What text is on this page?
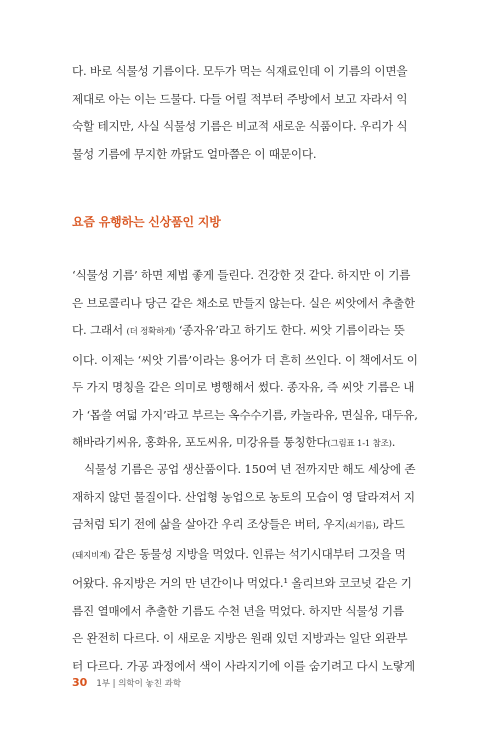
다. 바로 식물성 기름이다. 모두가 먹는 식재료인데 이 기름의 이면을
제대로 아는 이는 드물다. 다들 어릴 적부터 주방에서 보고 자라서 익
숙할 테지만, 사실 식물성 기름은 비교적 새로운 식품이다. 우리가 식
물성 기름에 무지한 까닭도 얼마쯤은 이 때문이다.
요즘 유행하는 신상품인 지방
‘식물성 기름’ 하면 제법 좋게 들린다. 건강한 것 같다. 하지만 이 기름
은 브로콜리나 당근 같은 채소로 만들지 않는다. 실은 씨앗에서 추출한
다. 그래서 (더 정확하게) ‘종자유’라고 하기도 한다. 씨앗 기름이라는 뜻
이다. 이제는 ‘씨앗 기름’이라는 용어가 더 흔히 쓰인다. 이 책에서도 이
두 가지 명칭을 같은 의미로 병행해서 썼다. 종자유, 즉 씨앗 기름은 내
가 ‘몹쓸 여덟 가지’라고 부르는 옥수수기름, 카놀라유, 면실유, 대두유,
해바라기씨유, 홍화유, 포도씨유, 미강유를 통칭한다(그림표 1-1 참조).
식물성 기름은 공업 생산품이다. 150여 년 전까지만 해도 세상에 존
재하지 않던 물질이다. 산업형 농업으로 농토의 모습이 영 달라져서 지
금처럼 되기 전에 삶을 살아간 우리 조상들은 버터, 우지(쇠기름), 라드
(돼지비계) 같은 동물성 지방을 먹었다. 인류는 석기시대부터 그것을 먹
어왔다. 유지방은 거의 만 년간이나 먹었다.¹ 올리브와 코코넛 같은 기
름진 열매에서 추출한 기름도 수천 년을 먹었다. 하지만 식물성 기름
은 완전히 다르다. 이 새로운 지방은 원래 있던 지방과는 일단 외관부
터 다르다. 가공 과정에서 색이 사라지기에 이를 숨기려고 다시 노랗게
30 1부 | 의학이 놓친 과학
